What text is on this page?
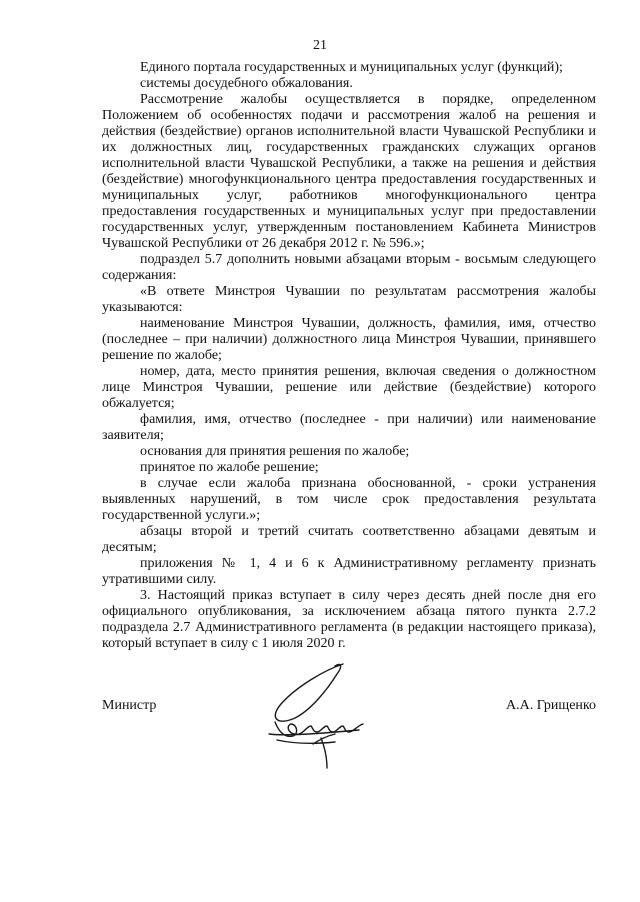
21

Единого портала государственных и муниципальных услуг (функций);

системы досудебного обжалования.

Рассмотрение жалобы осуществляется в порядке, определенном Положением об особенностях подачи и рассмотрения жалоб на решения и действия (бездействие) органов исполнительной власти Чувашской Республики и их должностных лиц, государственных гражданских служащих органов исполнительной власти Чувашской Республики, а также на решения и действия (бездействие) многофункционального центра предоставления государственных и муниципальных услуг, работников многофункционального центра предоставления государственных и муниципальных услуг при предоставлении государственных услуг, утвержденным постановлением Кабинета Министров Чувашской Республики от 26 декабря 2012 г. № 596.»;

подраздел 5.7 дополнить новыми абзацами вторым - восьмым следующего содержания:

«В ответе Минстроя Чувашии по результатам рассмотрения жалобы указываются:

наименование Минстроя Чувашии, должность, фамилия, имя, отчество (последнее – при наличии) должностного лица Минстроя Чувашии, принявшего решение по жалобе;

номер, дата, место принятия решения, включая сведения о должностном лице Минстроя Чувашии, решение или действие (бездействие) которого обжалуется;

фамилия, имя, отчество (последнее - при наличии) или наименование заявителя;

основания для принятия решения по жалобе;

принятое по жалобе решение;

в случае если жалоба признана обоснованной, - сроки устранения выявленных нарушений, в том числе срок предоставления результата государственной услуги.»;

абзацы второй и третий считать соответственно абзацами девятым и десятым;

приложения № 1, 4 и 6 к Административному регламенту признать утратившими силу.

3. Настоящий приказ вступает в силу через десять дней после дня его официального опубликования, за исключением абзаца пятого пункта 2.7.2 подраздела 2.7 Административного регламента (в редакции настоящего приказа), который вступает в силу с 1 июля 2020 г.

Министр	А.А. Грищенко
